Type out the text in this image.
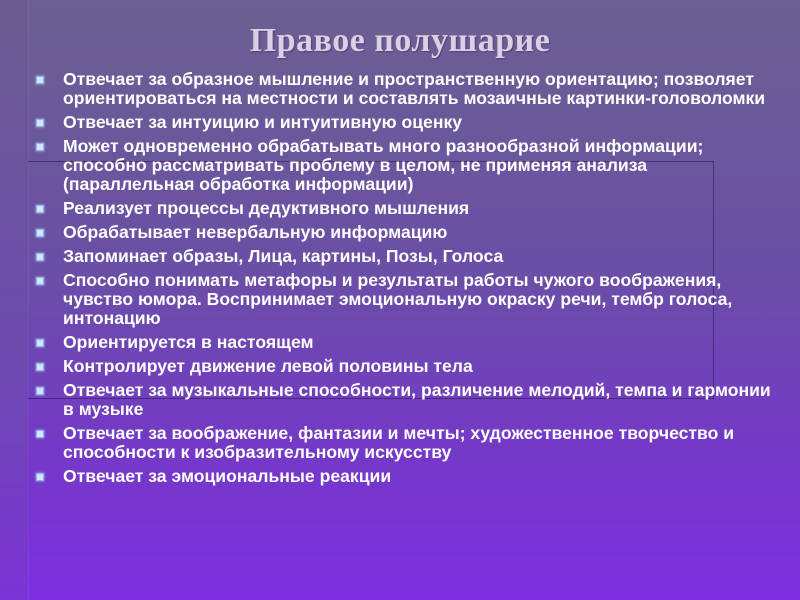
Правое полушарие
Отвечает за образное мышление и пространственную ориентацию; позволяет ориентироваться на местности и составлять мозаичные картинки-головоломки
Отвечает за интуицию и интуитивную оценку
Может одновременно обрабатывать много разнообразной информации; способно рассматривать проблему в целом, не применяя анализа (параллельная обработка информации)
Реализует процессы дедуктивного мышления
Обрабатывает невербальную информацию
Запоминает образы, Лица, картины, Позы, Голоса
Способно понимать метафоры и результаты работы чужого воображения, чувство юмора. Воспринимает эмоциональную окраску речи, тембр голоса, интонацию
Ориентируется в настоящем
Контролирует движение левой половины тела
Отвечает за музыкальные способности, различение мелодий, темпа и гармонии в музыке
Отвечает за воображение, фантазии и мечты; художественное творчество и способности к изобразительному искусству
Отвечает за эмоциональные реакции
